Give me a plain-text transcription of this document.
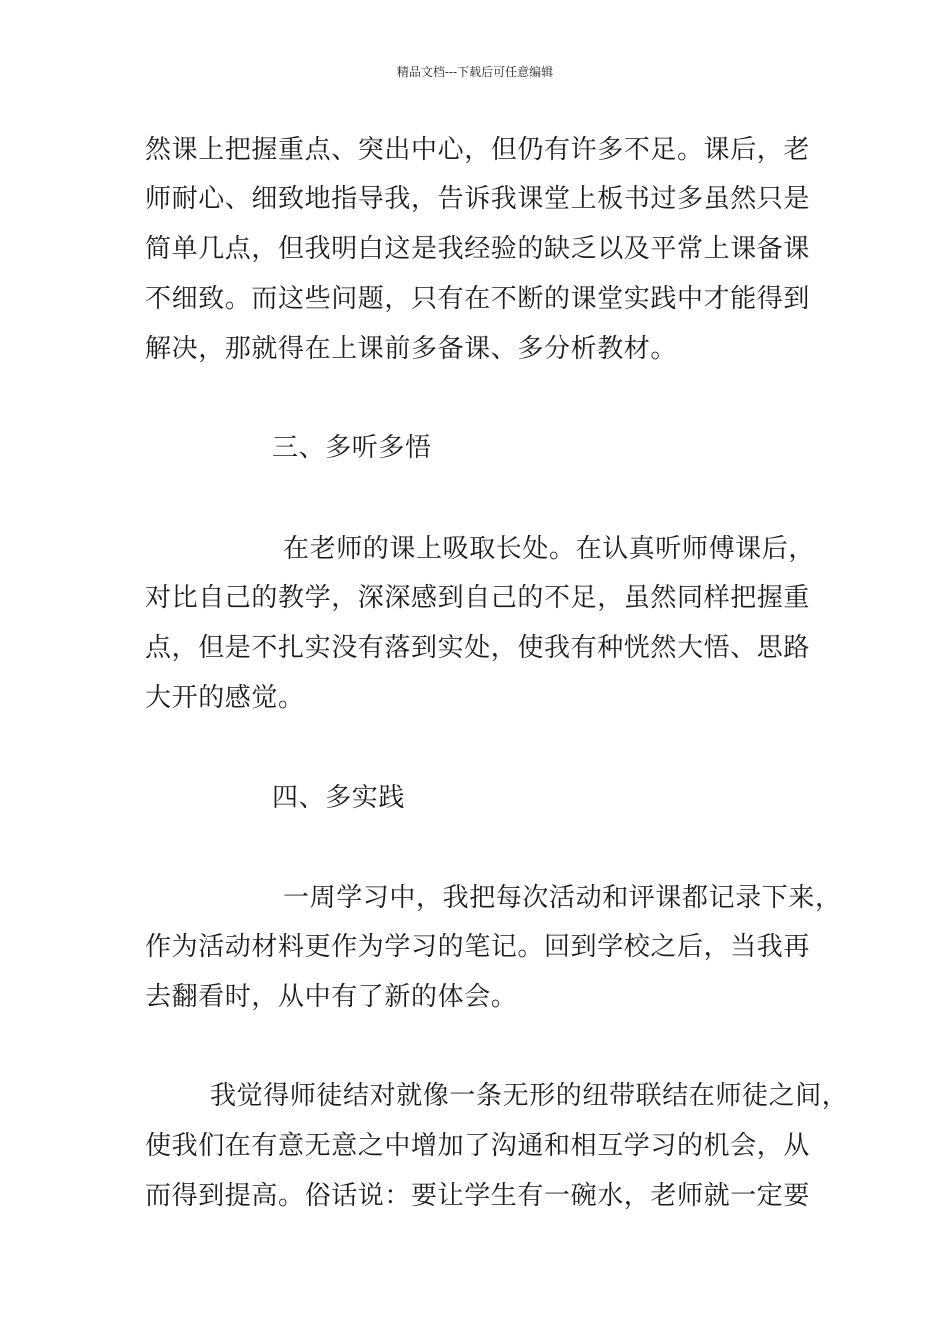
精品文档---下载后可任意编辑
然课上把握重点、突出中心，但仍有许多不足。课后，老
师耐心、细致地指导我，告诉我课堂上板书过多虽然只是
简单几点，但我明白这是我经验的缺乏以及平常上课备课
不细致。而这些问题，只有在不断的课堂实践中才能得到
解决，那就得在上课前多备课、多分析教材。
三、多听多悟
在老师的课上吸取长处。在认真听师傅课后，
对比自己的教学，深深感到自己的不足，虽然同样把握重
点，但是不扎实没有落到实处，使我有种恍然大悟、思路
大开的感觉。
四、多实践
一周学习中，我把每次活动和评课都记录下来，
作为活动材料更作为学习的笔记。回到学校之后，当我再
去翻看时，从中有了新的体会。
我觉得师徒结对就像一条无形的纽带联结在师徒之间，
使我们在有意无意之中增加了沟通和相互学习的机会，从
而得到提高。俗话说：要让学生有一碗水，老师就一定要
